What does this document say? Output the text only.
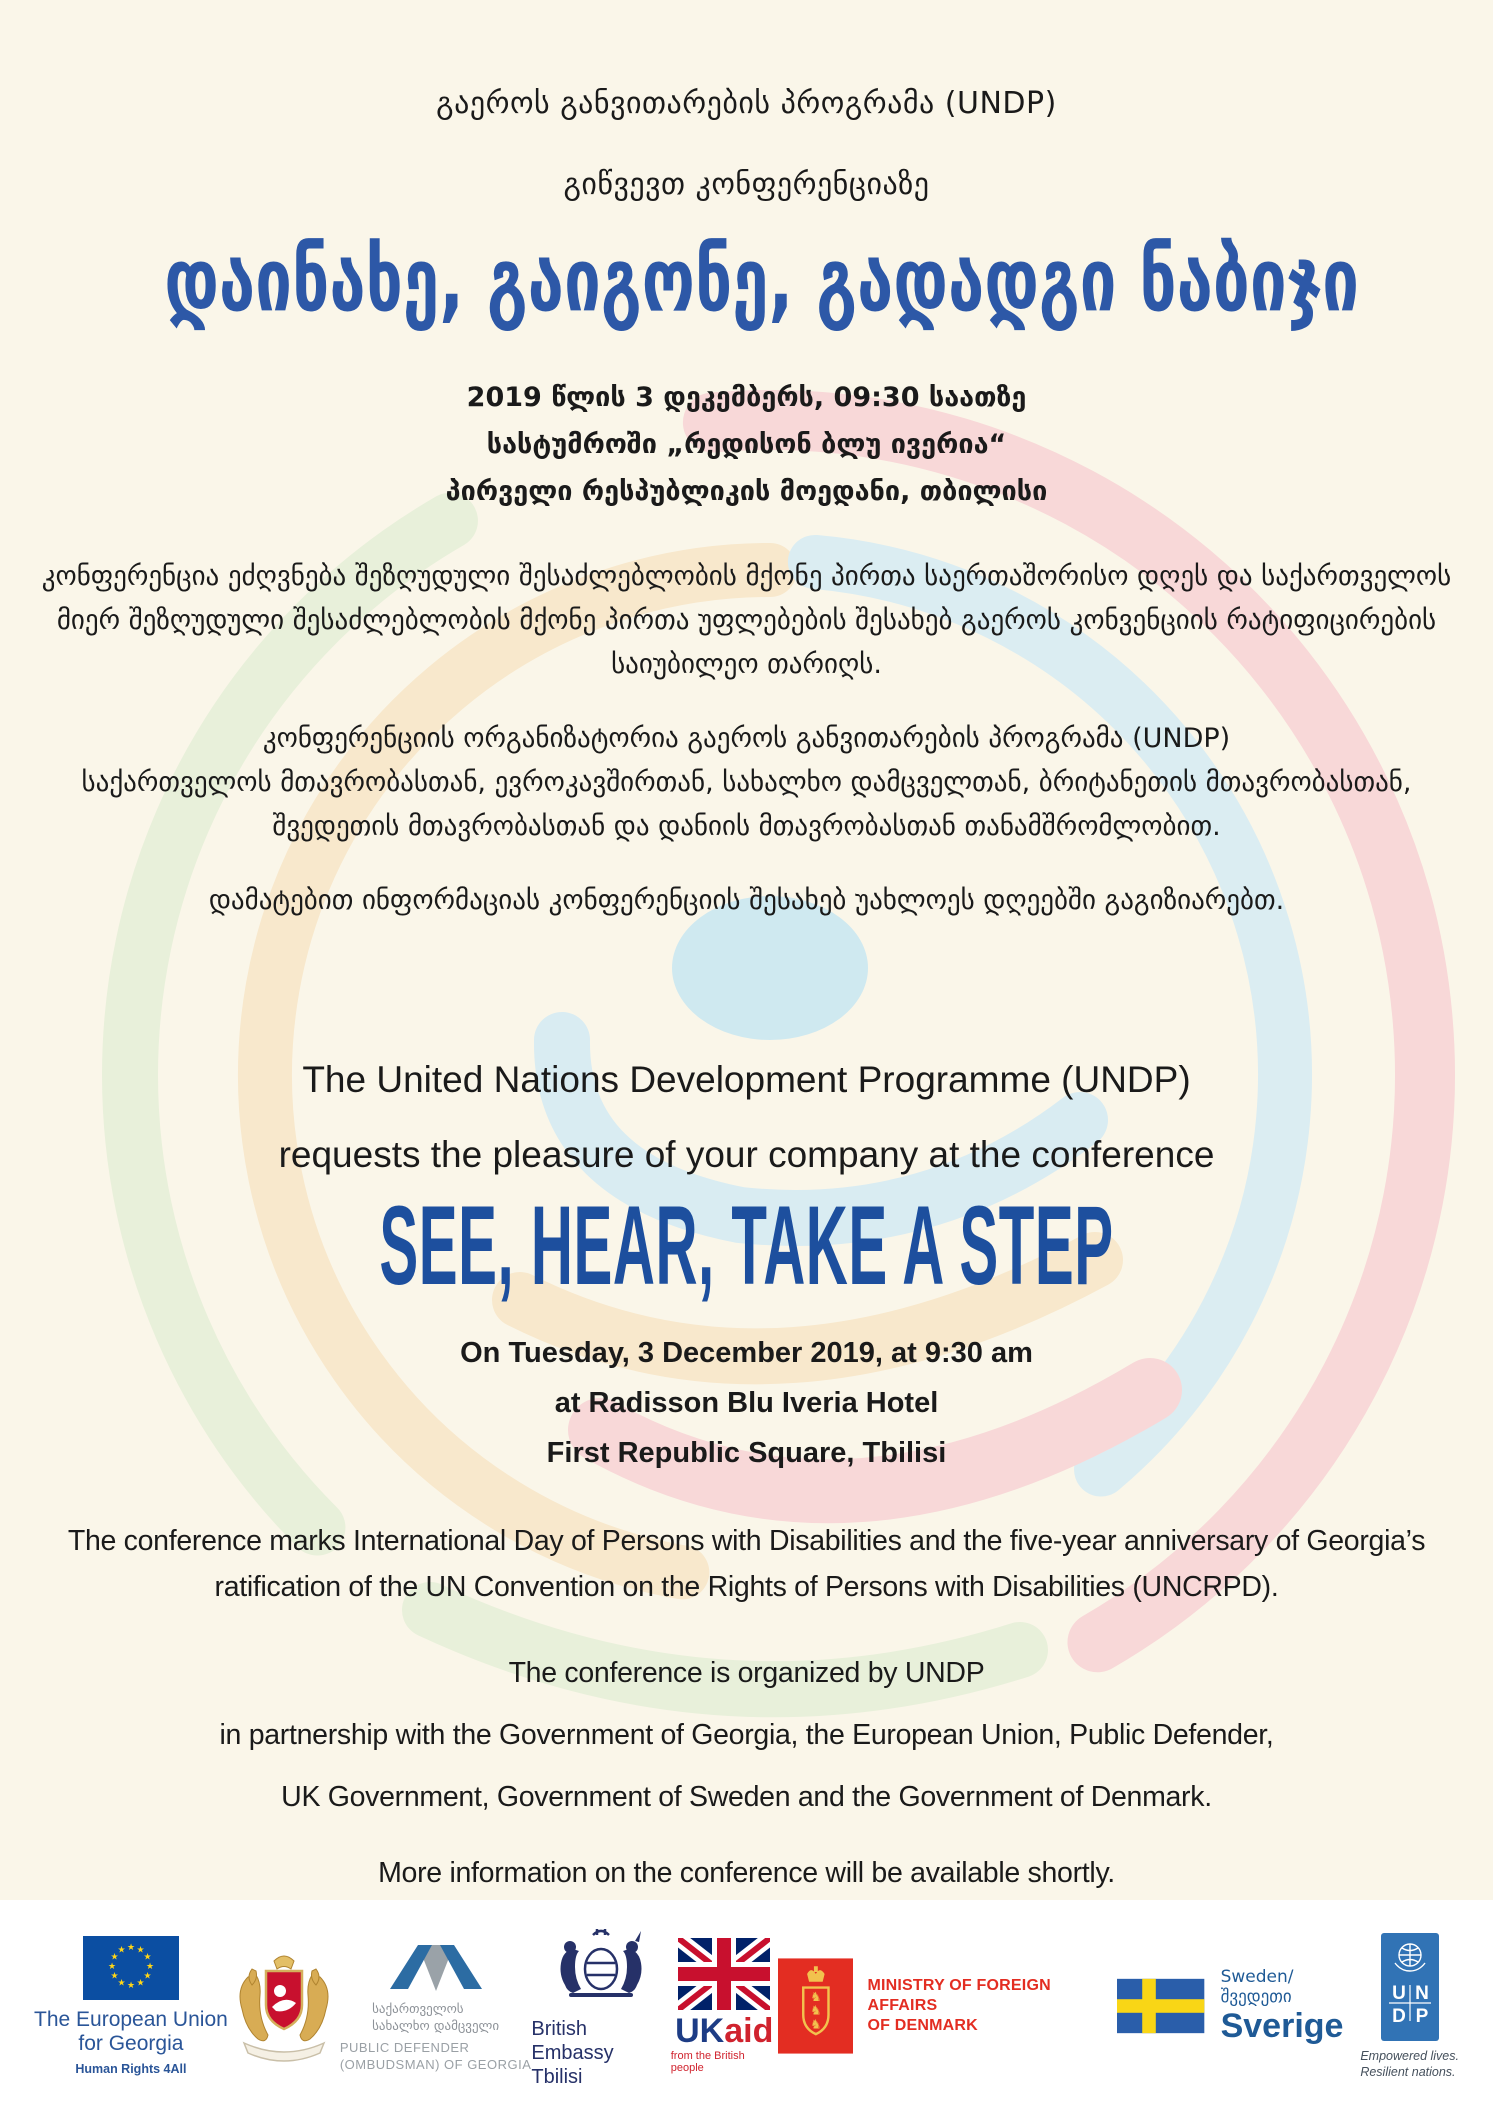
გაეროს განვითარების პროგრამა (UNDP)
გიწვევთ კონფერენციაზე
დაინახე, გაიგონე, გადადგი ნაბიჯი
2019 წლის 3 დეკემბერს, 09:30 საათზე
სასტუმროში „რედისონ ბლუ ივერია“
პირველი რესპუბლიკის მოედანი, თბილისი
კონფერენცია ეძღვნება შეზღუდული შესაძლებლობის მქონე პირთა საერთაშორისო დღეს და საქართველოს
მიერ შეზღუდული შესაძლებლობის მქონე პირთა უფლებების შესახებ გაეროს კონვენციის რატიფიცირების
საიუბილეო თარიღს.
კონფერენციის ორგანიზატორია გაეროს განვითარების პროგრამა (UNDP)
საქართველოს მთავრობასთან, ევროკავშირთან, სახალხო დამცველთან, ბრიტანეთის მთავრობასთან,
შვედეთის მთავრობასთან და დანიის მთავრობასთან თანამშრომლობით.
დამატებით ინფორმაციას კონფერენციის შესახებ უახლოეს დღეებში გაგიზიარებთ.
The United Nations Development Programme (UNDP)
requests the pleasure of your company at the conference
SEE, HEAR, TAKE A STEP
On Tuesday, 3 December 2019, at 9:30 am
at Radisson Blu Iveria Hotel
First Republic Square, Tbilisi
The conference marks International Day of Persons with Disabilities and the five-year anniversary of Georgia’s
ratification of the UN Convention on the Rights of Persons with Disabilities (UNCRPD).
The conference is organized by UNDP
in partnership with the Government of Georgia, the European Union, Public Defender,
UK Government, Government of Sweden and the Government of Denmark.
More information on the conference will be available shortly.
★ ★
★
★
★
★
★
★
★
★
★
★
The European Union
for Georgia
Human Rights 4All
საქართველოს
სახალხო დამცველი
PUBLIC DEFENDER
(OMBUDSMAN) OF GEORGIA
British Embassy
Tbilisi
UKaid
from the British people
♞
♞
♞
MINISTRY OF FOREIGN AFFAIRS
OF DENMARK
Sweden/შვედეთი
Sverige
U N
D P
Empowered lives.
Resilient nations.
